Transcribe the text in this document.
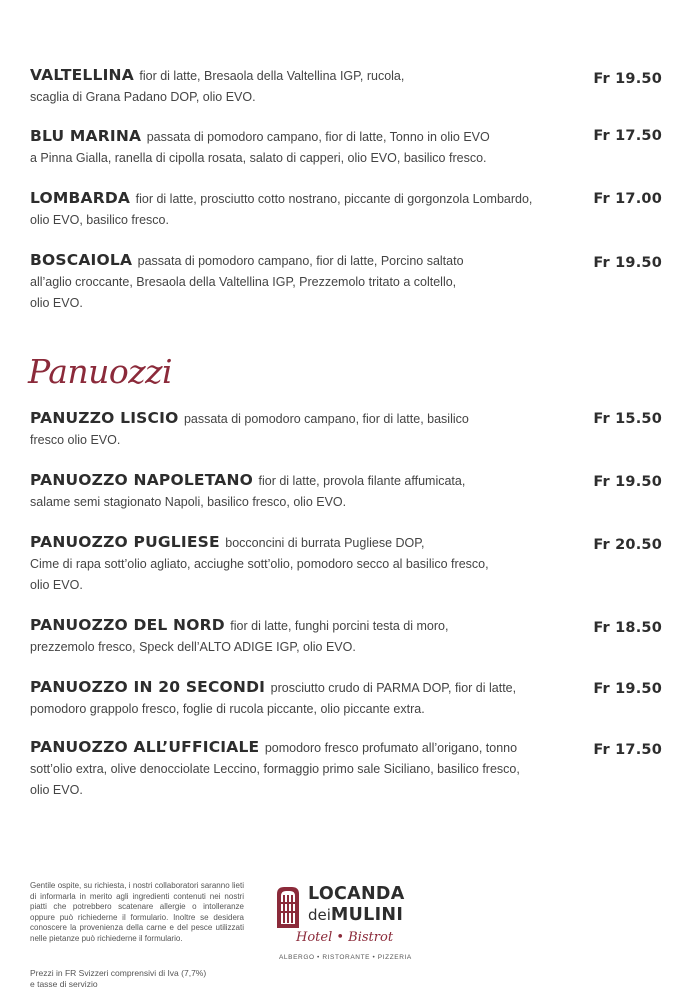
VALTELLINA fior di latte, Bresaola della Valtellina IGP, rucola,
scaglia di Grana Padano DOP, olio EVO.
Fr 19.50
BLU MARINA passata di pomodoro campano, fior di latte, Tonno in olio EVO
a Pinna Gialla, ranella di cipolla rosata, salato di capperi, olio EVO, basilico fresco.
Fr 17.50
LOMBARDA fior di latte, prosciutto cotto nostrano, piccante di gorgonzola Lombardo,
olio EVO, basilico fresco.
Fr 17.00
BOSCAIOLA passata di pomodoro campano, fior di latte, Porcino saltato
all’aglio croccante, Bresaola della Valtellina IGP, Prezzemolo tritato a coltello,
olio EVO.
Fr 19.50
Panuozzi
PANUZZO LISCIO passata di pomodoro campano, fior di latte, basilico
fresco olio EVO.
Fr 15.50
PANUOZZO NAPOLETANO fior di latte, provola filante affumicata,
salame semi stagionato Napoli, basilico fresco, olio EVO.
Fr 19.50
PANUOZZO PUGLIESE bocconcini di burrata Pugliese DOP,
Cime di rapa sott’olio agliato, acciughe sott’olio, pomodoro secco al basilico fresco,
olio EVO.
Fr 20.50
PANUOZZO DEL NORD fior di latte, funghi porcini testa di moro,
prezzemolo fresco, Speck dell’ALTO ADIGE IGP, olio EVO.
Fr 18.50
PANUOZZO IN 20 SECONDI prosciutto crudo di PARMA DOP, fior di latte,
pomodoro grappolo fresco, foglie di rucola piccante, olio piccante extra.
Fr 19.50
PANUOZZO ALL’UFFICIALE pomodoro fresco profumato all’origano, tonno
sott’olio extra, olive denocciolate Leccino, formaggio primo sale Siciliano, basilico fresco,
olio EVO.
Fr 17.50
Gentile ospite, su richiesta, i nostri collaboratori saranno lieti di informarla in merito agli ingredienti contenuti nei nostri piatti che potrebbero scatenare allergie o intolleranze oppure può richiederne il formulario. Inoltre se desidera conoscere la provenienza della carne e del pesce utilizzati nelle pietanze può richiederne il formulario.
Prezzi in FR Svizzeri comprensivi di Iva (7,7%)
e tasse di servizio
LOCANDA
deiMULINI
Hotel • Bistrot
ALBERGO • RISTORANTE • PIZZERIA
